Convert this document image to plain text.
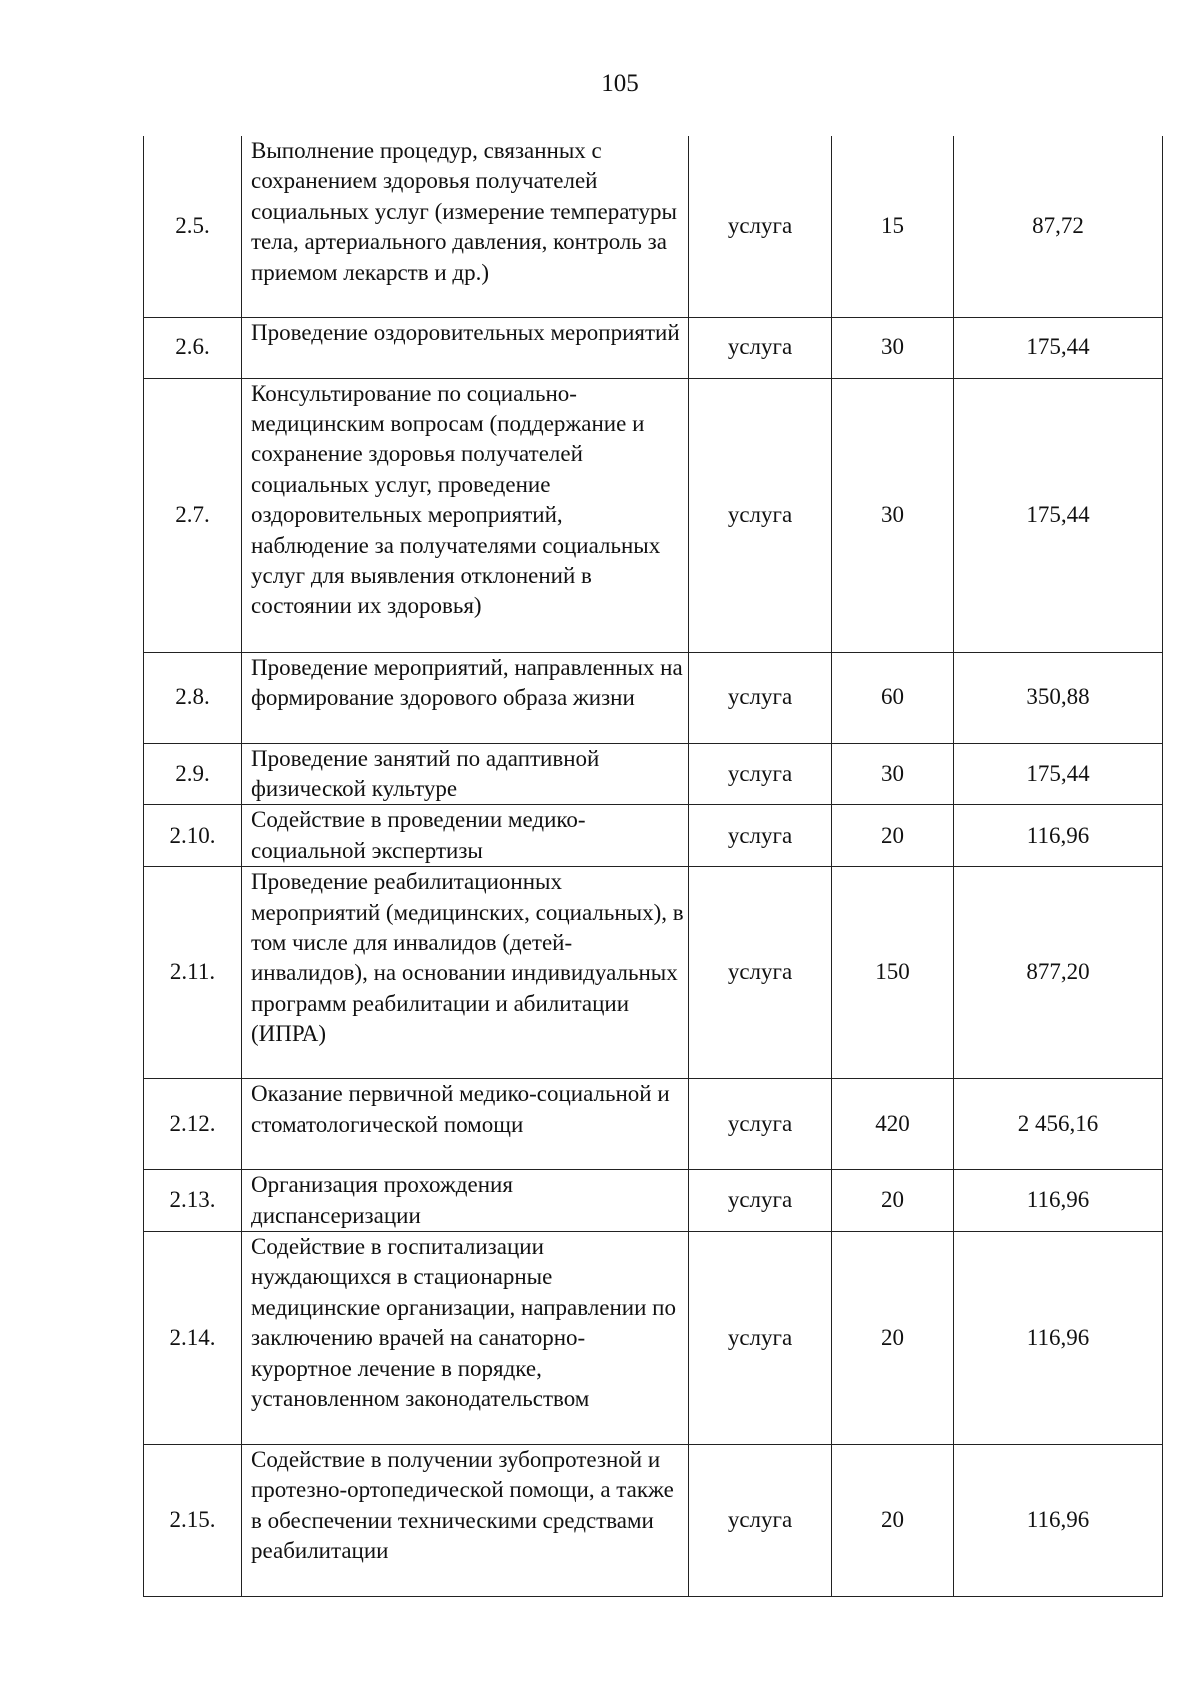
105
2.5.	Выполнение процедур, связанных с сохранением здоровья получателей социальных услуг (измерение температуры тела, артериального давления, контроль за приемом лекарств и др.)	услуга	15	87,72
2.6.	Проведение оздоровительных мероприятий	услуга	30	175,44
2.7.	Консультирование по социально-медицинским вопросам (поддержание и сохранение здоровья получателей социальных услуг, проведение оздоровительных мероприятий, наблюдение за получателями социальных услуг для выявления отклонений в состоянии их здоровья)	услуга	30	175,44
2.8.	Проведение мероприятий, направленных на формирование здорового образа жизни	услуга	60	350,88
2.9.	Проведение занятий по адаптивной физической культуре	услуга	30	175,44
2.10.	Содействие в проведении медико-социальной экспертизы	услуга	20	116,96
2.11.	Проведение реабилитационных мероприятий (медицинских, социальных), в том числе для инвалидов (детей-инвалидов), на основании индивидуальных программ реабилитации и абилитации (ИПРА)	услуга	150	877,20
2.12.	Оказание первичной медико-социальной и стоматологической помощи	услуга	420	2 456,16
2.13.	Организация прохождения диспансеризации	услуга	20	116,96
2.14.	Содействие в госпитализации нуждающихся в стационарные медицинские организации, направлении по заключению врачей на санаторно-курортное лечение в порядке, установленном законодательством	услуга	20	116,96
2.15.	Содействие в получении зубопротезной и протезно-ортопедической помощи, а также в обеспечении техническими средствами реабилитации	услуга	20	116,96
